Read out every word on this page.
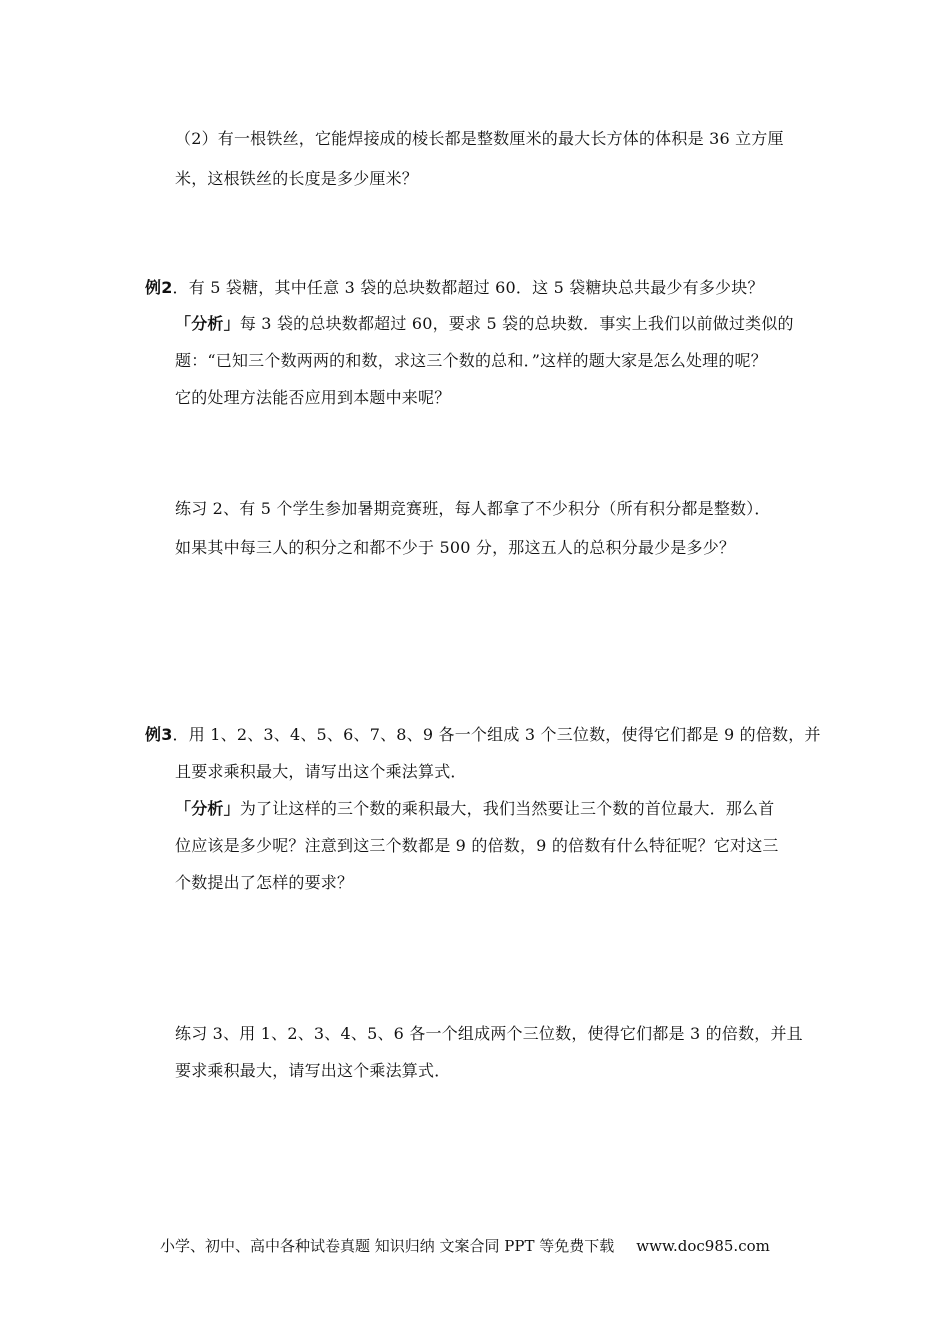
（2）有一根铁丝，它能焊接成的棱长都是整数厘米的最大长方体的体积是 36 立方厘
米，这根铁丝的长度是多少厘米？
例2．有 5 袋糖，其中任意 3 袋的总块数都超过 60．这 5 袋糖块总共最少有多少块？
「分析」每 3 袋的总块数都超过 60，要求 5 袋的总块数．事实上我们以前做过类似的
题：“已知三个数两两的和数，求这三个数的总和．”这样的题大家是怎么处理的呢？
它的处理方法能否应用到本题中来呢？
练习 2、有 5 个学生参加暑期竞赛班，每人都拿了不少积分（所有积分都是整数）．
如果其中每三人的积分之和都不少于 500 分，那这五人的总积分最少是多少？
例3．用 1、2、3、4、5、6、7、8、9 各一个组成 3 个三位数，使得它们都是 9 的倍数，并
且要求乘积最大，请写出这个乘法算式．
「分析」为了让这样的三个数的乘积最大，我们当然要让三个数的首位最大．那么首
位应该是多少呢？注意到这三个数都是 9 的倍数，9 的倍数有什么特征呢？它对这三
个数提出了怎样的要求？
练习 3、用 1、2、3、4、5、6 各一个组成两个三位数，使得它们都是 3 的倍数，并且
要求乘积最大，请写出这个乘法算式．
小学、初中、高中各种试卷真题 知识归纳 文案合同 PPT 等免费下载 www.doc985.com
